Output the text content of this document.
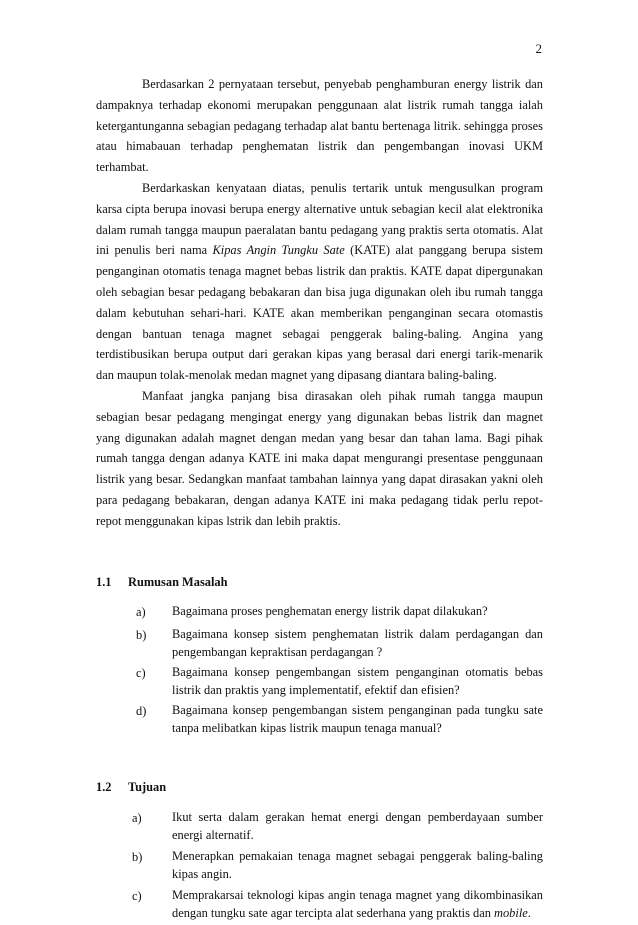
2

Berdasarkan 2 pernyataan tersebut, penyebab penghamburan energy listrik dan dampaknya terhadap ekonomi merupakan penggunaan alat listrik rumah tangga ialah ketergantunganna sebagian pedagang terhadap alat bantu bertenaga litrik. sehingga proses atau himabauan terhadap penghematan listrik dan pengembangan inovasi UKM terhambat.

Berdarkaskan kenyataan diatas, penulis tertarik untuk mengusulkan program karsa cipta berupa inovasi berupa energy alternative untuk sebagian kecil alat elektronika dalam rumah tangga maupun paeralatan bantu pedagang yang praktis serta otomatis. Alat ini penulis beri nama Kipas Angin Tungku Sate (KATE) alat panggang berupa sistem penganginan otomatis tenaga magnet bebas listrik dan praktis. KATE dapat dipergunakan oleh sebagian besar pedagang bebakaran dan bisa juga digunakan oleh ibu rumah tangga dalam kebutuhan sehari-hari. KATE akan memberikan penganginan secara otomastis dengan bantuan tenaga magnet sebagai penggerak baling-baling. Angina yang terdistibusikan berupa output dari gerakan kipas yang berasal dari energi tarik-menarik dan maupun tolak-menolak medan magnet yang dipasang diantara baling-baling.

Manfaat jangka panjang bisa dirasakan oleh pihak rumah tangga maupun sebagian besar pedagang mengingat energy yang digunakan bebas listrik dan magnet yang digunakan adalah magnet dengan medan yang besar dan tahan lama. Bagi pihak rumah tangga dengan adanya KATE ini maka dapat mengurangi presentase penggunaan listrik yang besar. Sedangkan manfaat tambahan lainnya yang dapat dirasakan yakni oleh para pedagang bebakaran, dengan adanya KATE ini maka pedagang tidak perlu repot-repot menggunakan kipas lstrik dan lebih praktis.

1.1 Rumusan Masalah
a)	Bagaimana proses penghematan energy listrik dapat dilakukan?
b)	Bagaimana konsep sistem penghematan listrik dalam perdagangan dan pengembangan kepraktisan perdagangan ?
c)	Bagaimana konsep pengembangan sistem penganginan otomatis bebas listrik dan praktis yang implementatif, efektif dan efisien?
d)	Bagaimana konsep pengembangan sistem penganginan pada tungku sate tanpa melibatkan kipas listrik maupun tenaga manual?
1.2 Tujuan
a)	Ikut serta dalam gerakan hemat energi dengan pemberdayaan sumber energi alternatif.
b)	Menerapkan pemakaian tenaga magnet sebagai penggerak baling-baling kipas angin.
c)	Memprakarsai teknologi kipas angin tenaga magnet yang dikombinasikan dengan tungku sate agar tercipta alat sederhana yang praktis dan mobile.
